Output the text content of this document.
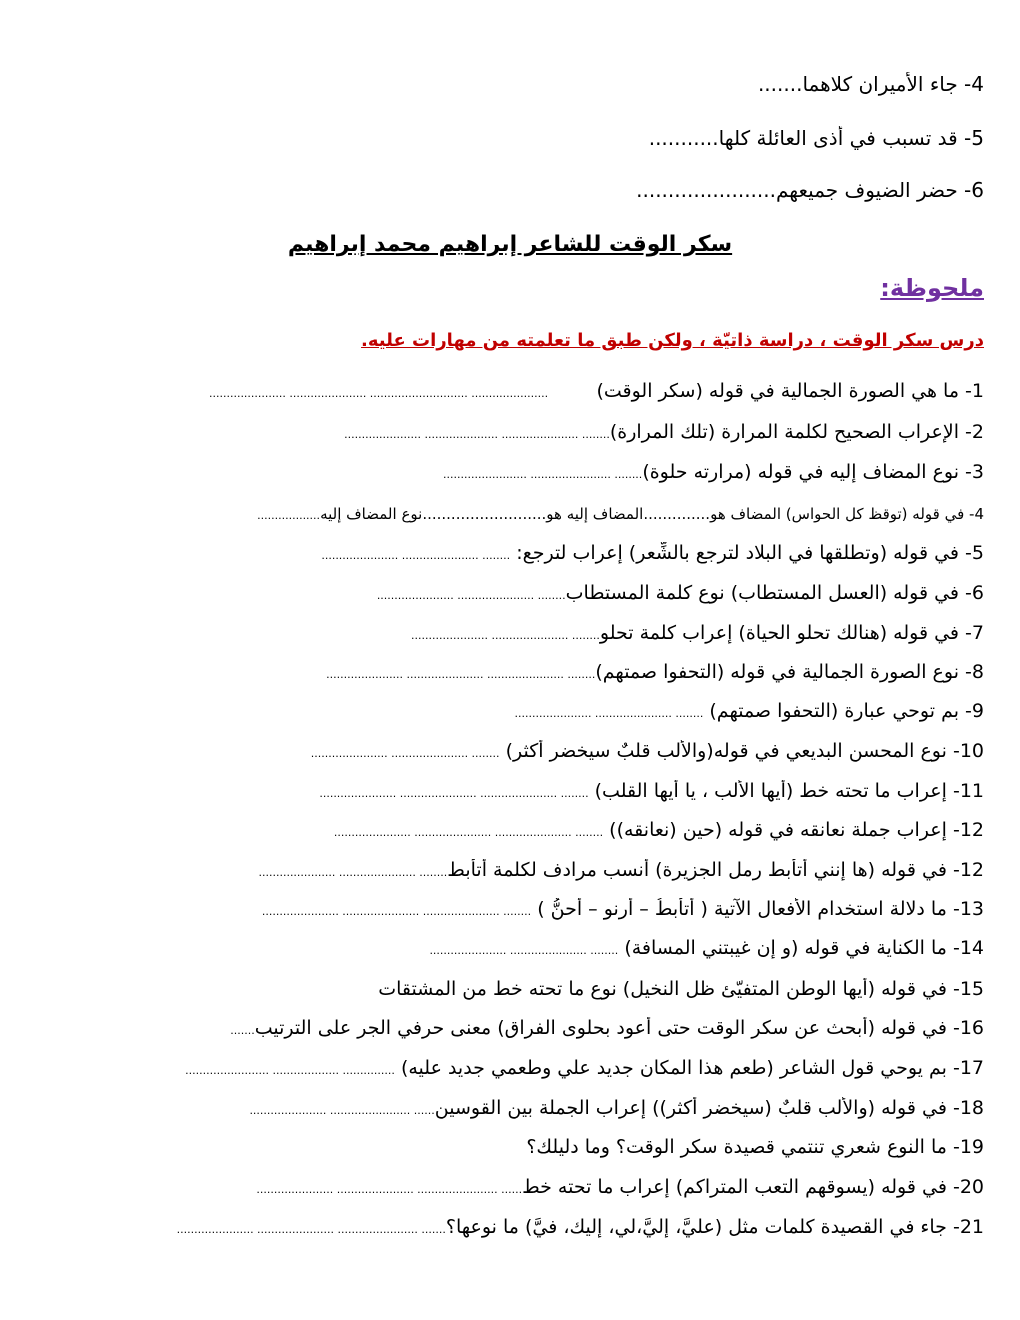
4- جاء الأميران كلاهما.......
5- قد تسبب في أذى العائلة كلها...........
6- حضر الضيوف جميعهم......................
سكر الوقت للشاعر إبراهيم محمد إبراهيم
ملحوظة:
درس سكر الوقت ، دراسة ذاتيّة ، ولكن طبق ما تعلمته من مهارات عليه.
1- ما هي الصورة الجمالية في قوله (سكر الوقت)        ...................... ............................ ...................... ......................
2- الإعراب الصحيح لكلمة المرارة (تلك المرارة)........ ...................... ..................... ......................
3- نوع المضاف إليه في قوله (مرارته حلوة)........ ....................... ........................
4- في قوله (توقظ كل الحواس) المضاف هو..............المضاف إليه هو..........................نوع المضاف إليه..................
5- في قوله (وتطلقها في البلاد لترجع بالشِّعر) إعراب لترجع: ........ ...................... ......................
6- في قوله (العسل المستطاب) نوع كلمة المستطاب........ ...................... ......................
7- في قوله (هنالك تحلو الحياة) إعراب كلمة تحلو........ ...................... ......................
8- نوع الصورة الجمالية في قوله (التحفوا صمتهم)........ ...................... ...................... ......................
9- بم توحي عبارة (التحفوا صمتهم) ........ ...................... ......................
10- نوع المحسن البديعي في قوله(والألب قلبٌ سيخضر أكثر) ........ ...................... ......................
11- إعراب ما تحته خط (أيها الألب ، يا أيها القلب) ........ ...................... ...................... ......................
12- إعراب جملة نعانقه في قوله (حين (نعانقه)) ........ ...................... ...................... ......................
12- في قوله (ها إنني أتأبط رمل الجزيرة) أنسب مرادف لكلمة أتأبط........ ...................... ......................
13- ما دلالة استخدام الأفعال الآتية ( أتأبطُ – أرنو – أحنُّ ) ........ ...................... ...................... ......................
14- ما الكناية في قوله (و إن غيبتني المسافة) ........ ...................... ......................
15- في قوله (أيها الوطن المتفيّئ ظل النخيل) نوع ما تحته خط من المشتقات
16- في قوله (أبحث عن سكر الوقت حتى أعود بحلوى الفراق) معنى حرفي الجر على الترتيب.......
17- بم يوحي قول الشاعر (طعم هذا المكان جديد علي وطعمي جديد عليه) ............... ................... ........................
18- في قوله (والألب قلبٌ (سيخضر أكثر)) إعراب الجملة بين القوسين...... ....................... ......................
19- ما النوع شعري تنتمي قصيدة سكر الوقت؟ وما دليلك؟
20- في قوله (يسوقهم التعب المتراكم) إعراب ما تحته خط...... ....................... ...................... ......................
21- جاء في القصيدة كلمات مثل (عليَّ، إليَّ،لي، إليك، فيَّ) ما نوعها؟....... ....................... ...................... ......................
